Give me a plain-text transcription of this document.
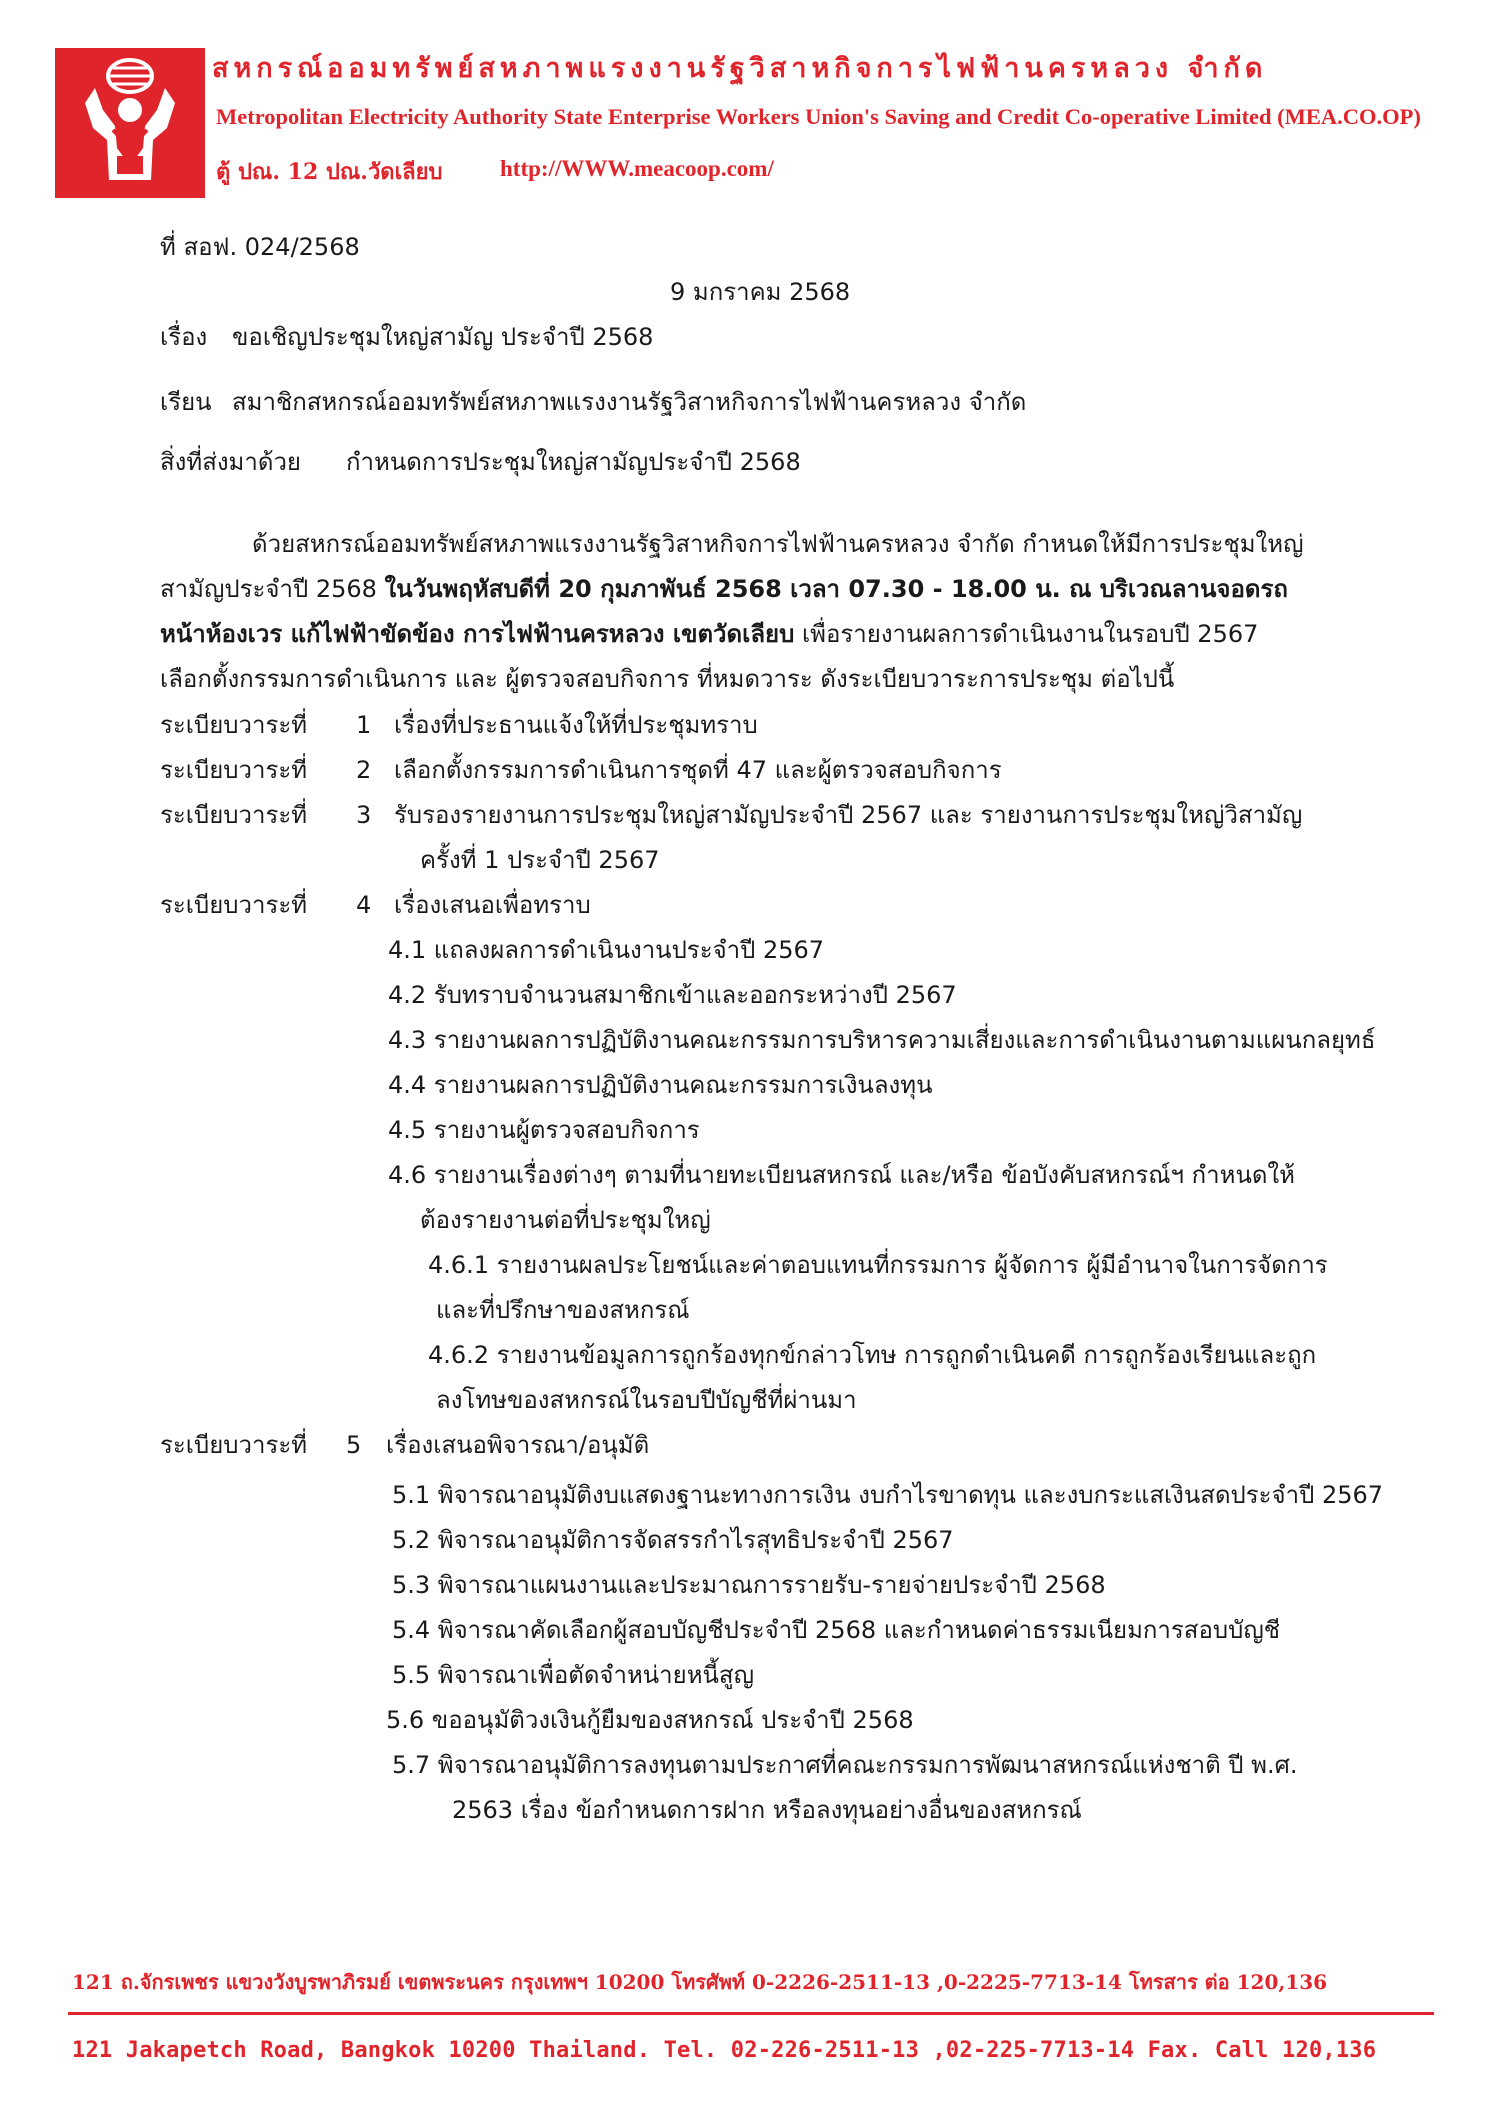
สหกรณ์ออมทรัพย์สหภาพแรงงานรัฐวิสาหกิจการไฟฟ้านครหลวง จำกัด
Metropolitan Electricity Authority State Enterprise Workers Union's Saving and Credit Co-operative Limited (MEA.CO.OP)
ตู้ ปณ. 12 ปณ.วัดเลียบ	http://WWW.meacoop.com/
ที่ สอฟ. 024/2568
9 มกราคม 2568
เรื่อง ขอเชิญประชุมใหญ่สามัญ ประจำปี 2568
เรียน สมาชิกสหกรณ์ออมทรัพย์สหภาพแรงงานรัฐวิสาหกิจการไฟฟ้านครหลวง จำกัด
สิ่งที่ส่งมาด้วย กำหนดการประชุมใหญ่สามัญประจำปี 2568
ด้วยสหกรณ์ออมทรัพย์สหภาพแรงงานรัฐวิสาหกิจการไฟฟ้านครหลวง จำกัด กำหนดให้มีการประชุมใหญ่
สามัญประจำปี 2568 ในวันพฤหัสบดีที่ 20 กุมภาพันธ์ 2568 เวลา 07.30 - 18.00 น. ณ บริเวณลานจอดรถ
หน้าห้องเวร แก้ไฟฟ้าขัดข้อง การไฟฟ้านครหลวง เขตวัดเลียบ เพื่อรายงานผลการดำเนินงานในรอบปี 2567
เลือกตั้งกรรมการดำเนินการ และ ผู้ตรวจสอบกิจการ ที่หมดวาระ ดังระเบียบวาระการประชุม ต่อไปนี้
ระเบียบวาระที่ 1 เรื่องที่ประธานแจ้งให้ที่ประชุมทราบ
ระเบียบวาระที่ 2 เลือกตั้งกรรมการดำเนินการชุดที่ 47 และผู้ตรวจสอบกิจการ
ระเบียบวาระที่ 3 รับรองรายงานการประชุมใหญ่สามัญประจำปี 2567 และ รายงานการประชุมใหญ่วิสามัญ
ครั้งที่ 1 ประจำปี 2567
ระเบียบวาระที่ 4 เรื่องเสนอเพื่อทราบ
4.1 แถลงผลการดำเนินงานประจำปี 2567
4.2 รับทราบจำนวนสมาชิกเข้าและออกระหว่างปี 2567
4.3 รายงานผลการปฏิบัติงานคณะกรรมการบริหารความเสี่ยงและการดำเนินงานตามแผนกลยุทธ์
4.4 รายงานผลการปฏิบัติงานคณะกรรมการเงินลงทุน
4.5 รายงานผู้ตรวจสอบกิจการ
4.6 รายงานเรื่องต่างๆ ตามที่นายทะเบียนสหกรณ์ และ/หรือ ข้อบังคับสหกรณ์ฯ กำหนดให้
ต้องรายงานต่อที่ประชุมใหญ่
4.6.1 รายงานผลประโยชน์และค่าตอบแทนที่กรรมการ ผู้จัดการ ผู้มีอำนาจในการจัดการ
และที่ปรึกษาของสหกรณ์
4.6.2 รายงานข้อมูลการถูกร้องทุกข์กล่าวโทษ การถูกดำเนินคดี การถูกร้องเรียนและถูก
ลงโทษของสหกรณ์ในรอบปีบัญชีที่ผ่านมา
ระเบียบวาระที่ 5 เรื่องเสนอพิจารณา/อนุมัติ
5.1 พิจารณาอนุมัติงบแสดงฐานะทางการเงิน งบกำไรขาดทุน และงบกระแสเงินสดประจำปี 2567
5.2 พิจารณาอนุมัติการจัดสรรกำไรสุทธิประจำปี 2567
5.3 พิจารณาแผนงานและประมาณการรายรับ-รายจ่ายประจำปี 2568
5.4 พิจารณาคัดเลือกผู้สอบบัญชีประจำปี 2568 และกำหนดค่าธรรมเนียมการสอบบัญชี
5.5 พิจารณาเพื่อตัดจำหน่ายหนี้สูญ
5.6 ขออนุมัติวงเงินกู้ยืมของสหกรณ์ ประจำปี 2568
5.7 พิจารณาอนุมัติการลงทุนตามประกาศที่คณะกรรมการพัฒนาสหกรณ์แห่งชาติ ปี พ.ศ.
2563 เรื่อง ข้อกำหนดการฝาก หรือลงทุนอย่างอื่นของสหกรณ์
121 ถ.จักรเพชร แขวงวังบูรพาภิรมย์ เขตพระนคร กรุงเทพฯ 10200 โทรศัพท์ 0-2226-2511-13 ,0-2225-7713-14 โทรสาร ต่อ 120,136
121 Jakapetch Road, Bangkok 10200 Thailand. Tel. 02-226-2511-13 ,02-225-7713-14 Fax. Call 120,136
